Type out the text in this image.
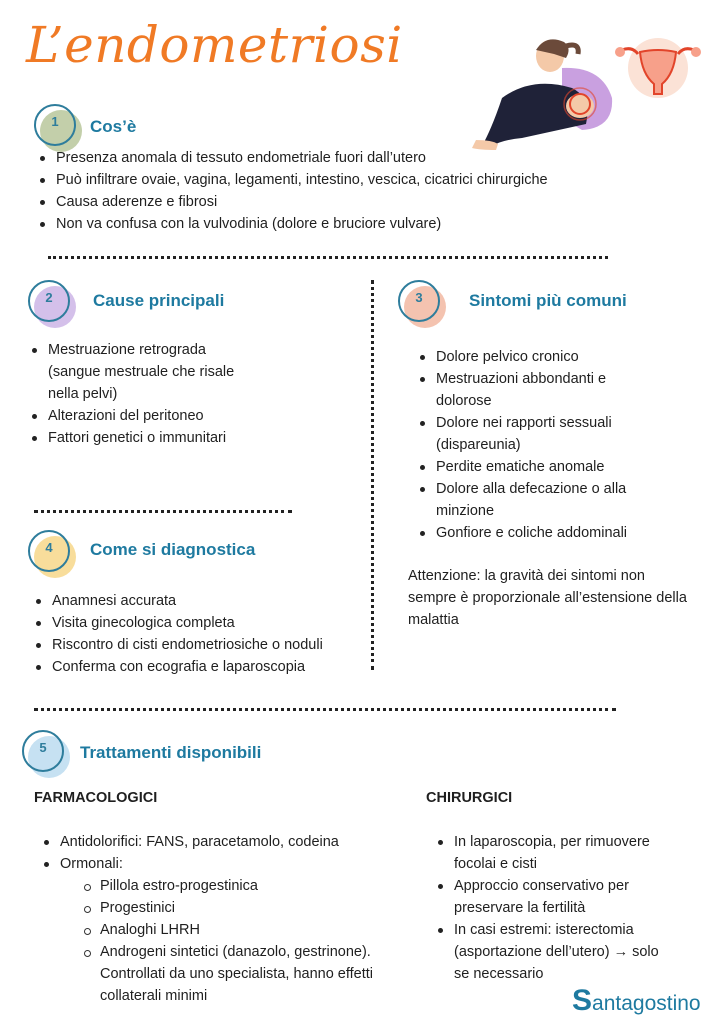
L’endometriosi
1	Cos’è
Presenza anomala di tessuto endometriale fuori dall’utero
Può infiltrare ovaie, vagina, legamenti, intestino, vescica, cicatrici chirurgiche
Causa aderenze e fibrosi
Non va confusa con la vulvodinia (dolore e bruciore vulvare)
2	Cause principali
Mestruazione retrograda (sangue mestruale che risale nella pelvi)
Alterazioni del peritoneo
Fattori genetici o immunitari
3	Sintomi più comuni
Dolore pelvico cronico
Mestruazioni abbondanti e dolorose
Dolore nei rapporti sessuali (dispareunia)
Perdite ematiche anomale
Dolore alla defecazione o alla minzione
Gonfiore e coliche addominali
Attenzione: la gravità dei sintomi non sempre è proporzionale all’estensione della malattia
4	Come si diagnostica
Anamnesi accurata
Visita ginecologica completa
Riscontro di cisti endometriosiche o noduli
Conferma con ecografia e laparoscopia
5	Trattamenti disponibili
FARMACOLOGICI
Antidolorifici: FANS, paracetamolo, codeina
Ormonali:
Pillola estro-progestinica
Progestinici
Analoghi LHRH
Androgeni sintetici (danazolo, gestrinone). Controllati da uno specialista, hanno effetti collaterali minimi
CHIRURGICI
In laparoscopia, per rimuovere focolai e cisti
Approccio conservativo per preservare la fertilità
In casi estremi: isterectomia (asportazione dell’utero) → solo se necessario
Santagostino
